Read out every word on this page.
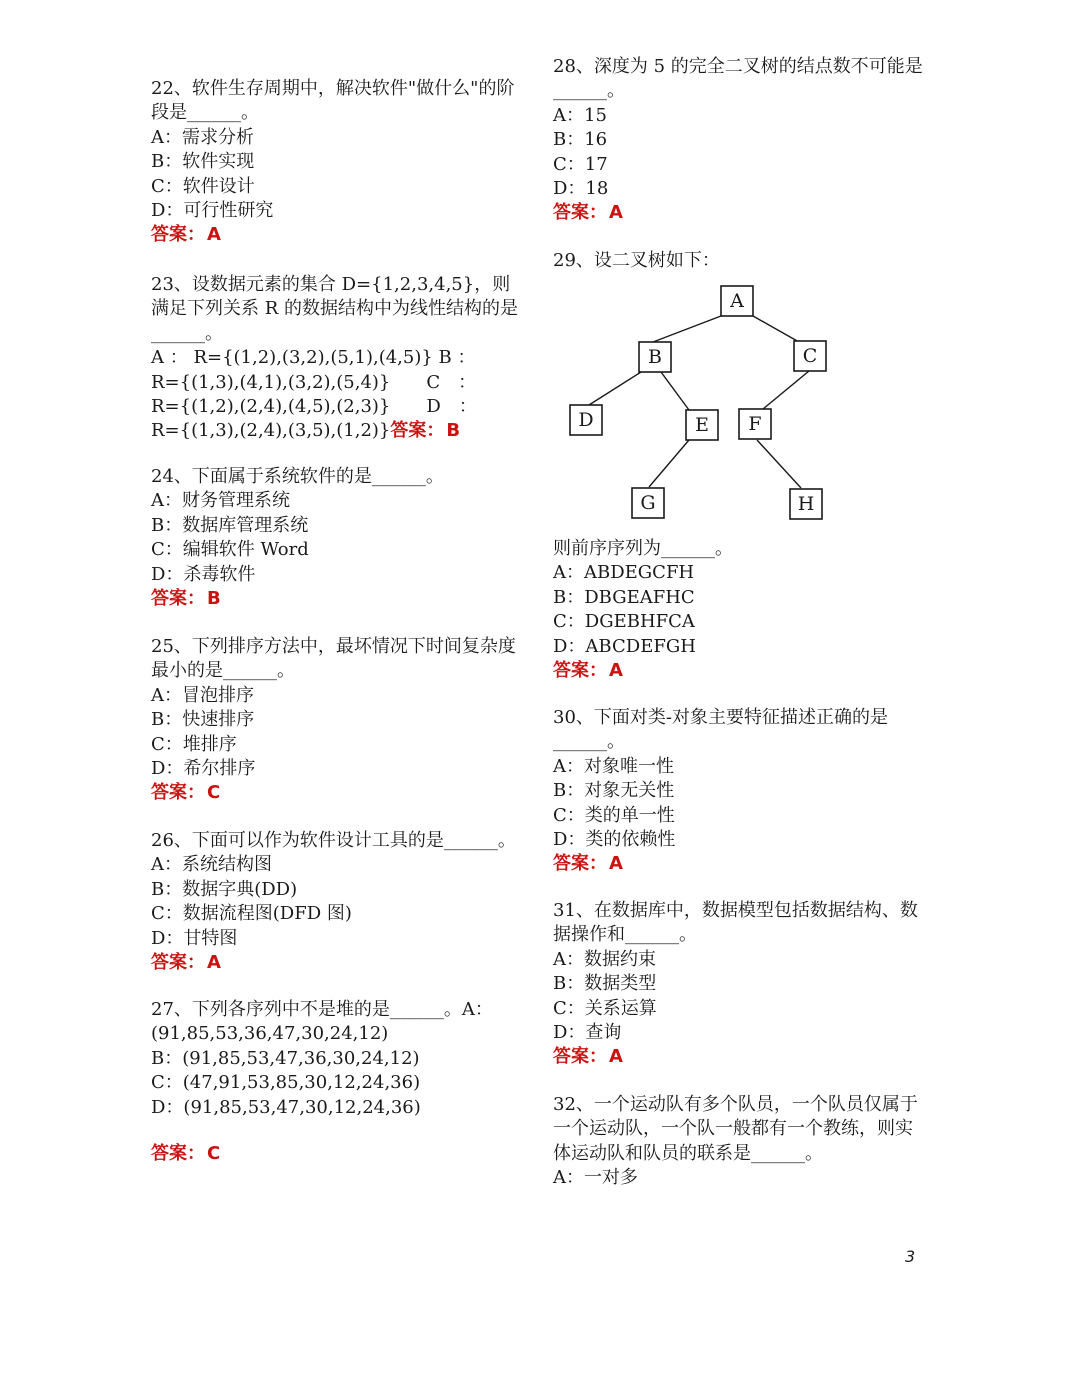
22、软件生存周期中，解决软件"做什么"的阶段是______。
A：需求分析
B：软件实现
C：软件设计
D：可行性研究
答案： A
23、设数据元素的集合 D={1,2,3,4,5}，则满足下列关系 R 的数据结构中为线性结构的是______。
A ： R={(1,2),(3,2),(5,1),(4,5)} B ：
R={(1,3),(4,1),(3,2),(5,4)}　　C　：
R={(1,2),(2,4),(4,5),(2,3)}　　D　：
R={(1,3),(2,4),(3,5),(1,2)}答案： B
24、下面属于系统软件的是______。
A：财务管理系统
B：数据库管理系统
C：编辑软件 Word
D：杀毒软件
答案： B
25、下列排序方法中，最坏情况下时间复杂度最小的是______。
A：冒泡排序
B：快速排序
C：堆排序
D：希尔排序
答案： C
26、下面可以作为软件设计工具的是______。
A：系统结构图
B：数据字典(DD)
C：数据流程图(DFD 图)
D：甘特图
答案： A
27、下列各序列中不是堆的是______。A：(91,85,53,36,47,30,24,12)
B：(91,85,53,47,36,30,24,12)
C：(47,91,53,85,30,12,24,36)
D：(91,85,53,47,30,12,24,36)
答案： C
28、深度为 5 的完全二叉树的结点数不可能是______。
A：15
B：16
C：17
D：18
答案： A
29、设二叉树如下：
A
B	C
D	E F
G	H
则前序序列为______。
A：ABDEGCFH
B：DBGEAFHC
C：DGEBHFCA
D：ABCDEFGH
答案： A
30、下面对类-对象主要特征描述正确的是______。
A：对象唯一性
B：对象无关性
C：类的单一性
D：类的依赖性
答案： A
31、在数据库中，数据模型包括数据结构、数据操作和______。
A：数据约束
B：数据类型
C：关系运算
D：查询
答案： A
32、一个运动队有多个队员，一个队员仅属于一个运动队，一个队一般都有一个教练，则实体运动队和队员的联系是______。
A：一对多
3
